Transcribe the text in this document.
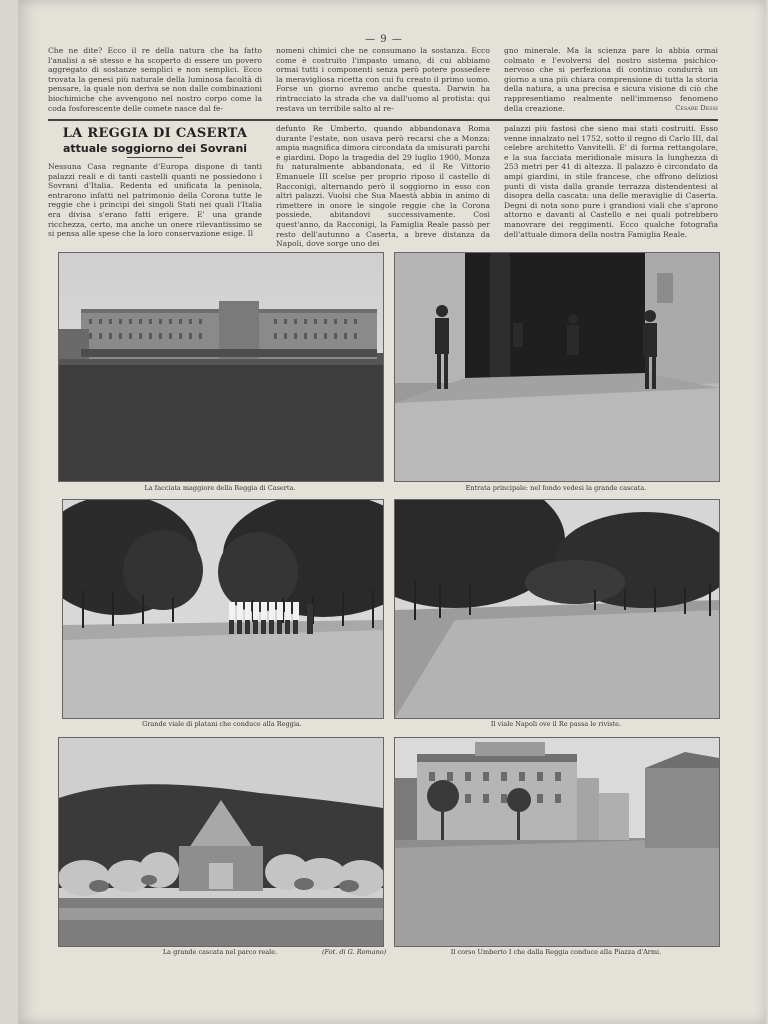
— 9 —

Che ne dite? Ecco il re della natura che ha fatto l'analisi a sè stesso e ha scoperto di essere un povero aggregato di sostanze semplici e non semplici. Ecco trovata la genesi più naturale della luminosa facoltà di pensare, la quale non deriva se non dalle combinazioni biochimiche che avvengono nel nostro corpo come la coda fosforescente delle comete nasce dal fe-

nomeni chimici che ne consumano la sostanza. Ecco come è costruito l'impasto umano, di cui abbiamo ormai tutti i componenti senza però potere possedere la meravigliosa ricetta con cui fu creato il primo uomo. Forse un giorno avremo anche questa. Darwin ha rintracciato la strada che va dall'uomo al protista: qui restava un terribile salto al re-

gno minerale. Ma la scienza pare lo abbia ormai colmato e l'evolversi del nostro sistema psichico-nervoso che si perfeziona di continuo condurrà un giorno a una più chiara comprensione di tutta la storia della natura, a una precisa e sicura visione di ciò che rappresentiamo realmente nell'immenso fenomeno della creazione.	Cesare Dessi

LA REGGIA DI CASERTA
attuale soggiorno dei Sovrani

Nessuna Casa regnante d'Europa dispone di tanti palazzi reali e di tanti castelli quanti ne possiedono i Sovrani d'Italia. Redenta ed unificata la penisola, entrarono infatti nel patrimonio della Corona tutte le reggie che i principi dei singoli Stati nei quali l'Italia era divisa s'erano fatti erigere. E' una grande ricchezza, certo, ma anche un onere rilevantissimo se si pensa alle spese che la loro conservazione esige. Il

defunto Re Umberto, quando abbandonava Roma durante l'estate, non usava però recarsi che a Monza: ampia magnifica dimora circondata da smisurati parchi e giardini. Dopo la tragedia del 29 luglio 1900, Monza fu naturalmente abbandonata, ed il Re Vittorio Emanuele III scelse per proprio riposo il castello di Racconigi, alternando però il soggiorno in esso con altri palazzi. Vuolsi che Sua Maestà abbia in animo di rimettere in onore le singole reggie che la Corona possiede, abitandovi successivamente. Così quest'anno, da Racconigi, la Famiglia Reale passò per resto dell'autunno a Caserta, a breve distanza da Napoli, dove sorge uno dei

palazzi più fastosi che sieno mai stati costruiti. Esso venne innalzato nel 1752, sotto il regno di Carlo III, dal celebre architetto Vanvitelli. E' di forma rettangolare, e la sua facciata meridionale misura la lunghezza di 253 metri per 41 di altezza. Il palazzo è circondato da ampi giardini, in stile francese, che offrono deliziosi punti di vista dalla grande terrazza distendentesi al disopra della cascata: una delle meraviglie di Caserta. Degni di nota sono pure i grandiosi viali che s'aprono attorno e davanti al Castello e nei quali potrebbero manovrare dei reggimenti. Ecco qualche fotografia dell'attuale dimora della nostra Famiglia Reale.

La facciata maggiore della Reggia di Caserta.	Entrata principale: nel fondo vedesi la grande cascata.
Grande viale di platani che conduce alla Reggia.	Il viale Napoli ove il Re passa le riviste.
La grande cascata nel parco reale.	(Fot. di G. Romano)	Il corso Umberto I che dalla Reggia conduce alla Piazza d'Armi.
